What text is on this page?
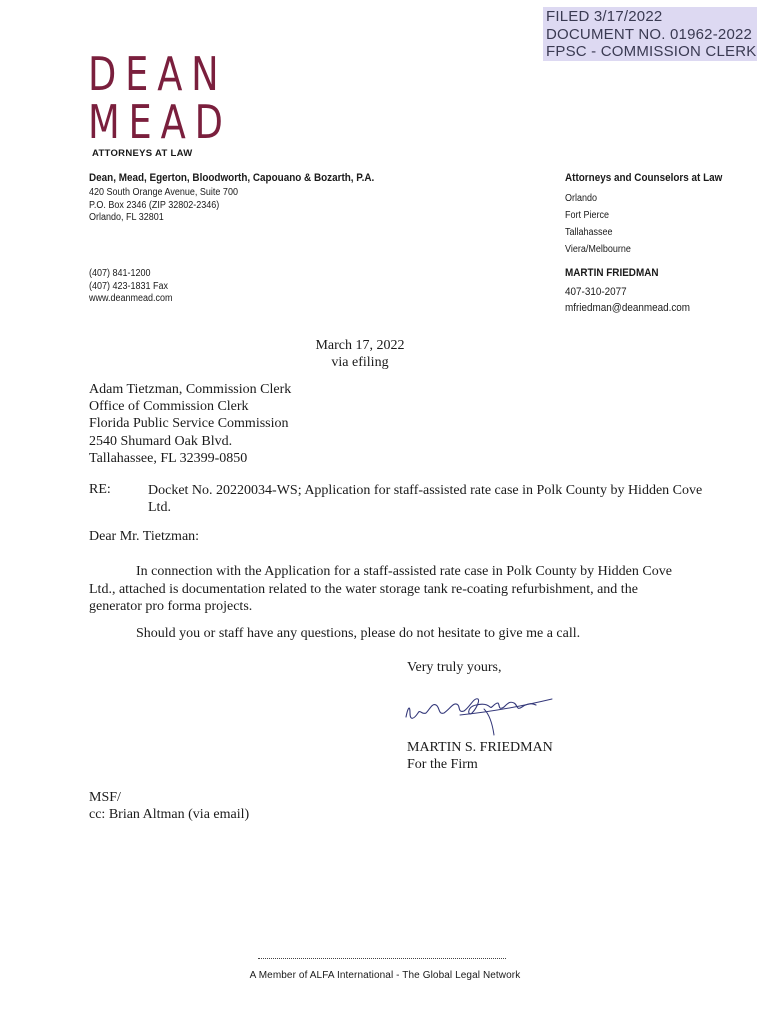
FILED 3/17/2022
DOCUMENT NO. 01962-2022
FPSC - COMMISSION CLERK
DEAN
MEAD
ATTORNEYS AT LAW
Dean, Mead, Egerton, Bloodworth, Capouano & Bozarth, P.A.
420 South Orange Avenue, Suite 700
P.O. Box 2346 (ZIP 32802-2346)
Orlando, FL 32801
(407) 841-1200
(407) 423-1831 Fax
www.deanmead.com
Attorneys and Counselors at Law
Orlando
Fort Pierce
Tallahassee
Viera/Melbourne
MARTIN FRIEDMAN
407-310-2077
mfriedman@deanmead.com
March 17, 2022
via efiling
Adam Tietzman, Commission Clerk
Office of Commission Clerk
Florida Public Service Commission
2540 Shumard Oak Blvd.
Tallahassee, FL 32399-0850
RE:	Docket No. 20220034-WS; Application for staff-assisted rate case in Polk County by Hidden Cove Ltd.
Dear Mr. Tietzman:
In connection with the Application for a staff-assisted rate case in Polk County by Hidden Cove Ltd., attached is documentation related to the water storage tank re-coating refurbishment, and the generator pro forma projects.
Should you or staff have any questions, please do not hesitate to give me a call.
Very truly yours,
MARTIN S. FRIEDMAN
For the Firm
MSF/
cc: Brian Altman (via email)
A Member of ALFA International - The Global Legal Network
